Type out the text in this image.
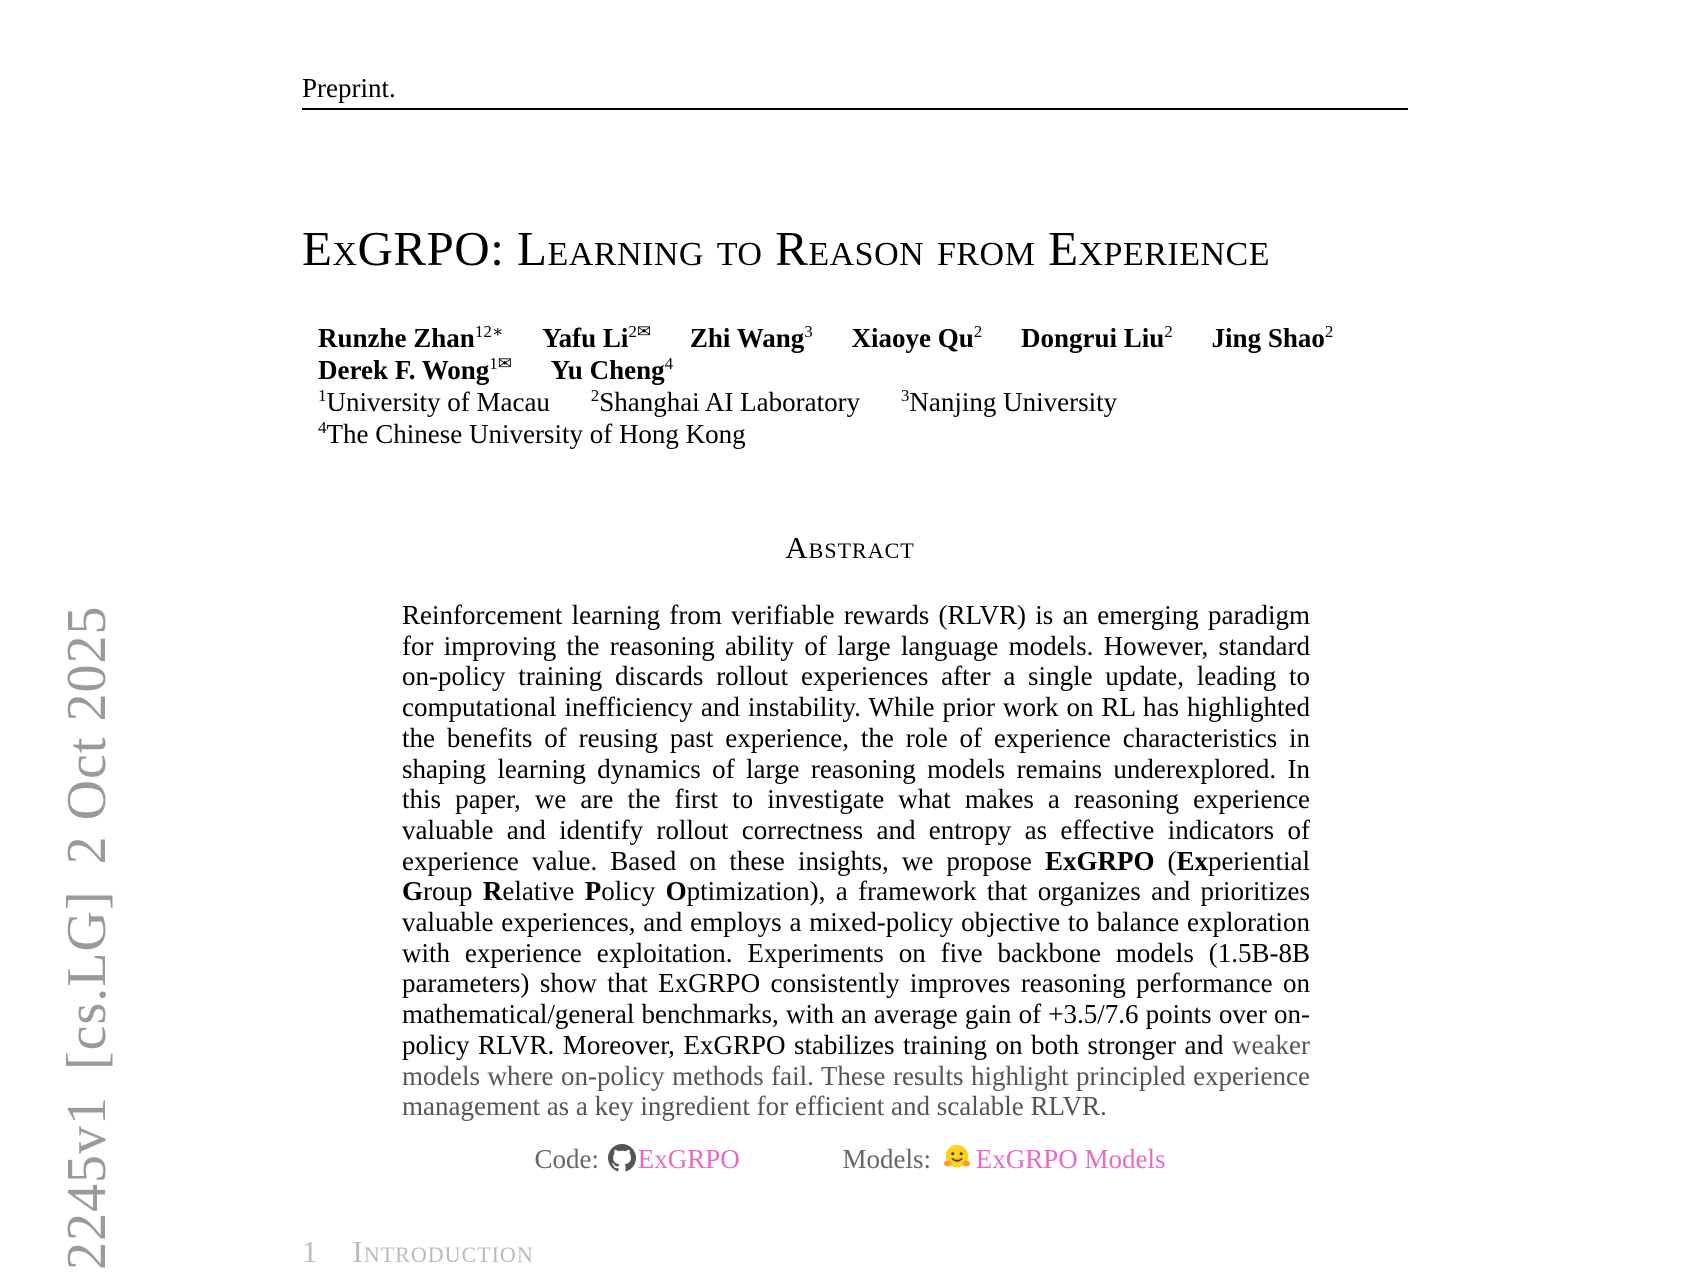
Preprint.
ExGRPO: Learning to Reason from Experience
Runzhe Zhan$^{12∗}$ Yafu $Li^{2✉}$ Zhi Wang$^3$ Xiaoye Qu$^2$ Dongrui Liu$^2$ Jing Shao$^2$
Derek F. Wong$^{1✉}$ Yu Cheng$^4$
$^1$University of Macau $^2$Shanghai AI Laboratory $^3$Nanjing University
$^4$The Chinese University of Hong Kong
Abstract
Reinforcement learning from verifiable rewards (RLVR) is an emerging paradigm for improving the reasoning ability of large language models. However, standard on-policy training discards rollout experiences after a single update, leading to computational inefficiency and instability. While prior work on RL has highlighted the benefits of reusing past experience, the role of experience characteristics in shaping learning dynamics of large reasoning models remains underexplored. In this paper, we are the first to investigate what makes a reasoning experience valuable and identify rollout correctness and entropy as effective indicators of experience value. Based on these insights, we propose ExGRPO (Experiential Group Relative Policy Optimization), a framework that organizes and prioritizes valuable experiences, and employs a mixed-policy objective to balance exploration with experience exploitation. Experiments on five backbone models (1.5B-8B parameters) show that ExGRPO consistently improves reasoning performance on mathematical/general benchmarks, with an average gain of +3.5/7.6 points over on-policy RLVR. Moreover, ExGRPO stabilizes training on both stronger and weaker models where on-policy methods fail. These results highlight principled experience management as a key ingredient for efficient and scalable RLVR.
Code: ExGRPO	Models: ExGRPO Models
1 Introduction
2245v1[cs.LG]2 Oct 2025
